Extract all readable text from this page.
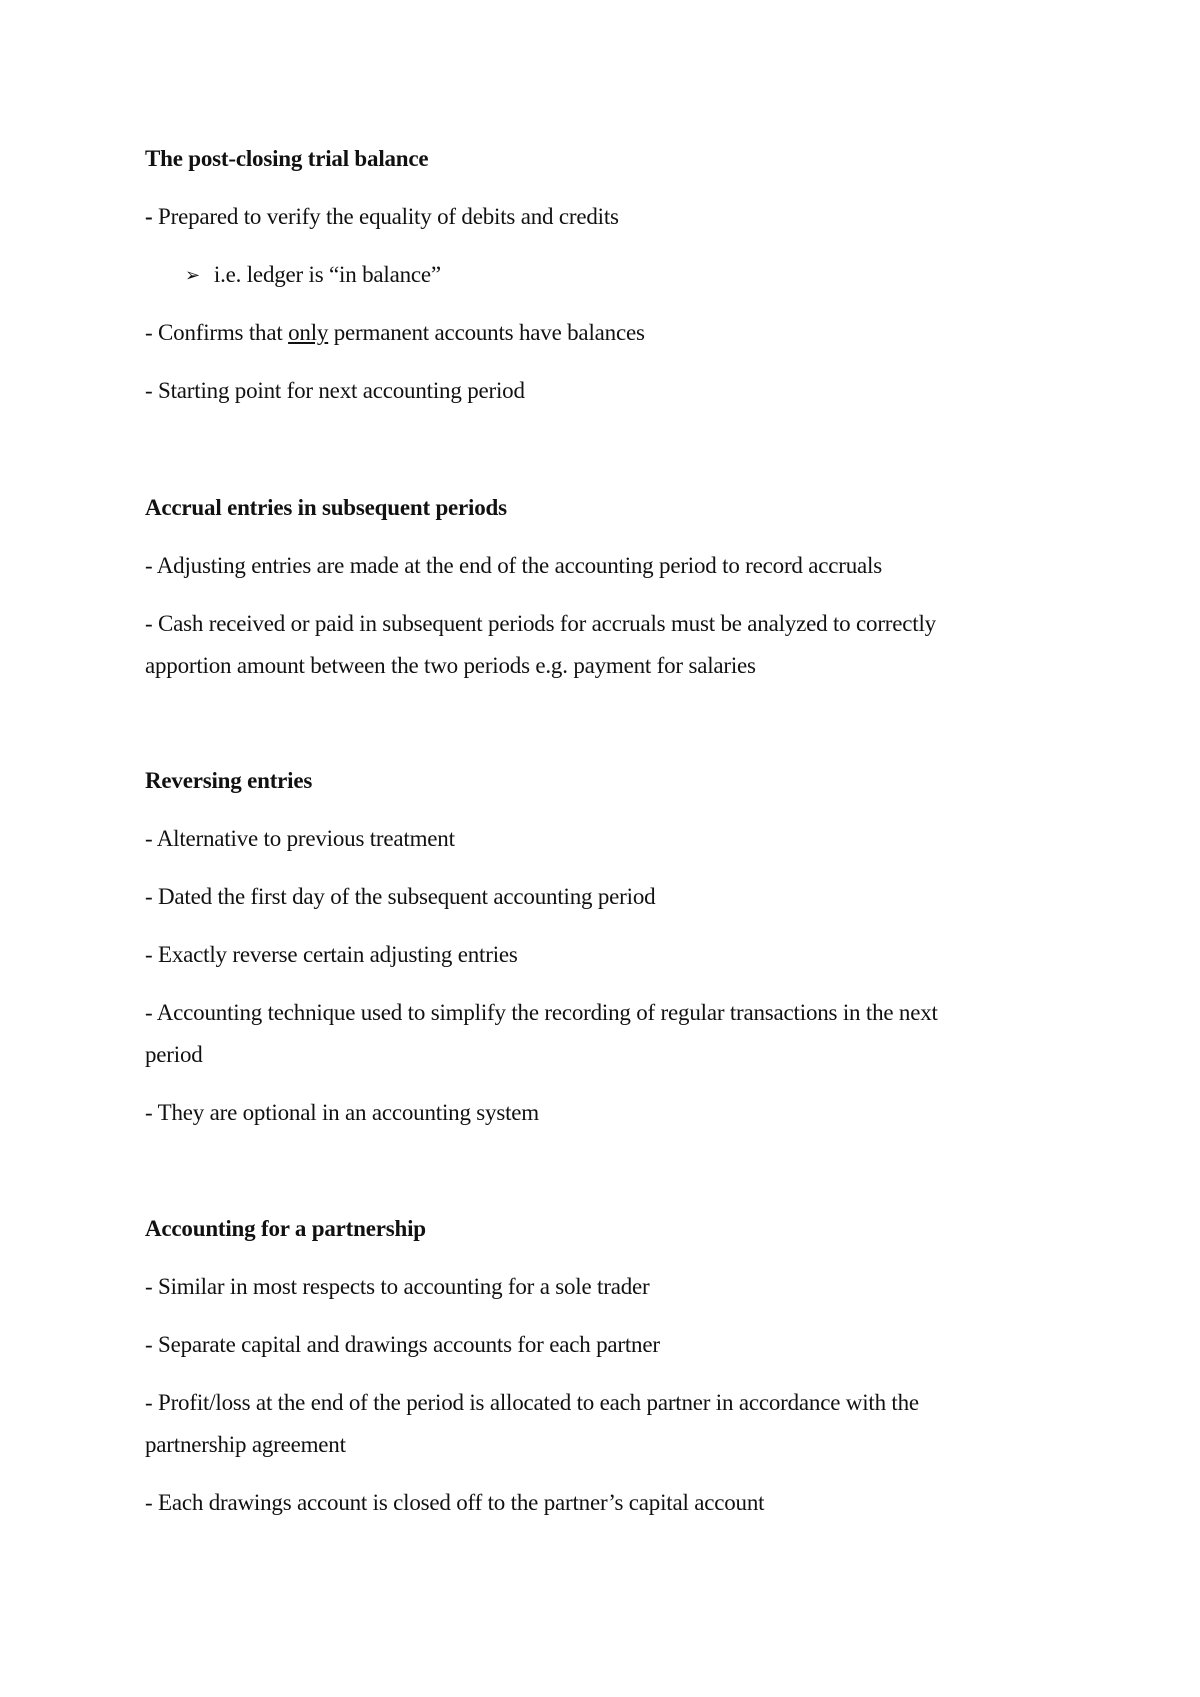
The post-closing trial balance
- Prepared to verify the equality of debits and credits
➢ i.e. ledger is “in balance”
- Confirms that only permanent accounts have balances
- Starting point for next accounting period
Accrual entries in subsequent periods
- Adjusting entries are made at the end of the accounting period to record accruals
- Cash received or paid in subsequent periods for accruals must be analyzed to correctly
apportion amount between the two periods e.g. payment for salaries
Reversing entries
- Alternative to previous treatment
- Dated the first day of the subsequent accounting period
- Exactly reverse certain adjusting entries
- Accounting technique used to simplify the recording of regular transactions in the next
period
- They are optional in an accounting system
Accounting for a partnership
- Similar in most respects to accounting for a sole trader
- Separate capital and drawings accounts for each partner
- Profit/loss at the end of the period is allocated to each partner in accordance with the
partnership agreement
- Each drawings account is closed off to the partner’s capital account
